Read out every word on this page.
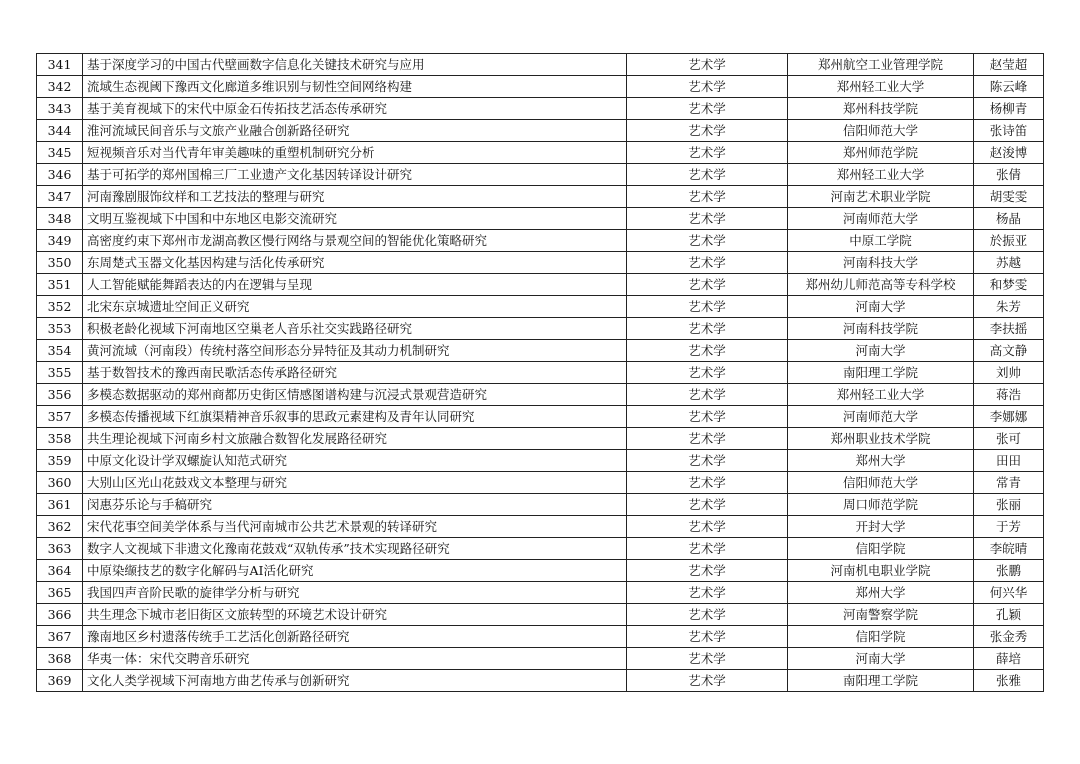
341	基于深度学习的中国古代壁画数字信息化关键技术研究与应用	艺术学	郑州航空工业管理学院	赵莹超
342	流域生态视阈下豫西文化廊道多维识别与韧性空间网络构建	艺术学	郑州轻工业大学	陈云峰
343	基于美育视域下的宋代中原金石传拓技艺活态传承研究	艺术学	郑州科技学院	杨柳青
344	淮河流域民间音乐与文旅产业融合创新路径研究	艺术学	信阳师范大学	张诗笛
345	短视频音乐对当代青年审美趣味的重塑机制研究分析	艺术学	郑州师范学院	赵浚博
346	基于可拓学的郑州国棉三厂工业遗产文化基因转译设计研究	艺术学	郑州轻工业大学	张倩
347	河南豫剧服饰纹样和工艺技法的整理与研究	艺术学	河南艺术职业学院	胡雯雯
348	文明互鉴视域下中国和中东地区电影交流研究	艺术学	河南师范大学	杨晶
349	高密度约束下郑州市龙湖高教区慢行网络与景观空间的智能优化策略研究	艺术学	中原工学院	於振亚
350	东周楚式玉器文化基因构建与活化传承研究	艺术学	河南科技大学	苏越
351	人工智能赋能舞蹈表达的内在逻辑与呈现	艺术学	郑州幼儿师范高等专科学校	和梦雯
352	北宋东京城遗址空间正义研究	艺术学	河南大学	朱芳
353	积极老龄化视域下河南地区空巢老人音乐社交实践路径研究	艺术学	河南科技学院	李扶摇
354	黄河流域（河南段）传统村落空间形态分异特征及其动力机制研究	艺术学	河南大学	高文静
355	基于数智技术的豫西南民歌活态传承路径研究	艺术学	南阳理工学院	刘帅
356	多模态数据驱动的郑州商都历史街区情感图谱构建与沉浸式景观营造研究	艺术学	郑州轻工业大学	蒋浩
357	多模态传播视域下红旗渠精神音乐叙事的思政元素建构及青年认同研究	艺术学	河南师范大学	李娜娜
358	共生理论视域下河南乡村文旅融合数智化发展路径研究	艺术学	郑州职业技术学院	张可
359	中原文化设计学双螺旋认知范式研究	艺术学	郑州大学	田田
360	大别山区光山花鼓戏文本整理与研究	艺术学	信阳师范大学	常青
361	闵惠芬乐论与手稿研究	艺术学	周口师范学院	张丽
362	宋代花事空间美学体系与当代河南城市公共艺术景观的转译研究	艺术学	开封大学	于芳
363	数字人文视域下非遗文化豫南花鼓戏“双轨传承”技术实现路径研究	艺术学	信阳学院	李皖晴
364	中原染缬技艺的数字化解码与AI活化研究	艺术学	河南机电职业学院	张鹏
365	我国四声音阶民歌的旋律学分析与研究	艺术学	郑州大学	何兴华
366	共生理念下城市老旧街区文旅转型的环境艺术设计研究	艺术学	河南警察学院	孔颖
367	豫南地区乡村遗落传统手工艺活化创新路径研究	艺术学	信阳学院	张金秀
368	华夷一体：宋代交聘音乐研究	艺术学	河南大学	薛培
369	文化人类学视域下河南地方曲艺传承与创新研究	艺术学	南阳理工学院	张雅
